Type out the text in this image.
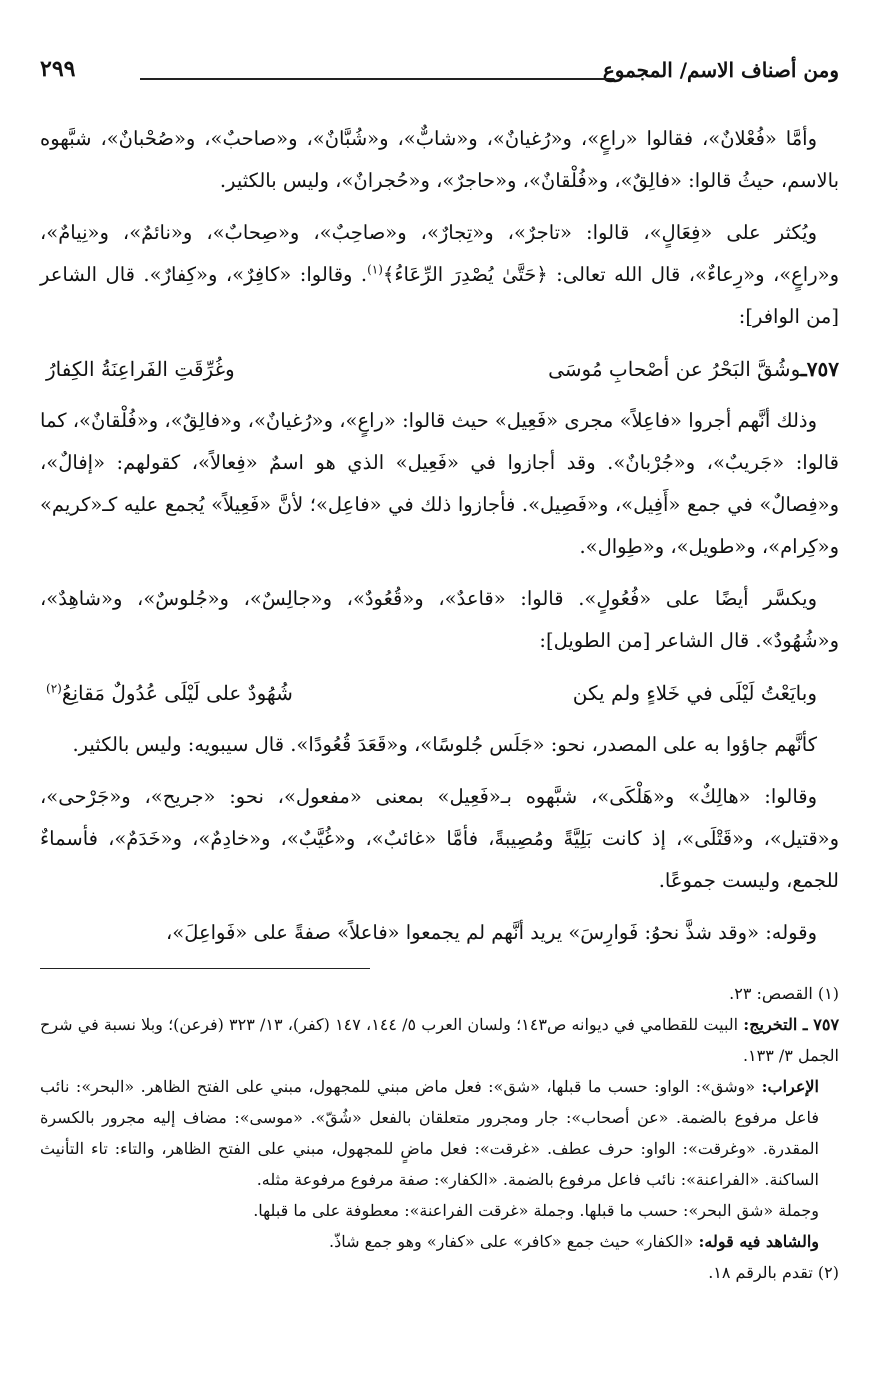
ومن أصناف الاسم/ المجموع
٢٩٩

وأمَّا «فُعْلانٌ»، فقالوا «راعٍ»، و«رُغيانٌ»، و«شابٌّ»، و«شُبَّانٌ»، و«صاحبٌ»، و«صُحْبانٌ»، شبَّهوه بالاسم، حيثُ قالوا: «فالِقٌ»، و«فُلْقانٌ»، و«حاجرٌ»، و«حُجرانٌ»، وليس بالكثير.

ويُكثر على «فِعَالٍ»، قالوا: «تاجرٌ»، و«تِجارٌ»، و«صاحِبٌ»، و«صِحابٌ»، و«نائمٌ»، و«نِيامٌ»، و«راعٍ»، و«رِعاءٌ»، قال الله تعالى: ﴿حَتَّىٰ يُصْدِرَ الرِّعَاءُ﴾$^{(١)}$. وقالوا: «كافِرٌ»، و«كِفارٌ». قال الشاعر [من الوافر]:

٧٥٧ـوشُقَّ البَحْرُ عن أصْحابِ مُوسَى
وغُرِّقَتِ الفَراعِنَةُ الكِفارُ

وذلك أنَّهم أجروا «فاعِلاً» مجرى «فَعِيل» حيث قالوا: «راعٍ»، و«رُغيانٌ»، و«فالِقٌ»، و«فُلْقانٌ»، كما قالوا: «جَريبٌ»، و«جُرْبانٌ». وقد أجازوا في «فَعِيل» الذي هو اسمٌ «فِعالاً»، كقولهم: «إفالٌ»، و«فِصالٌ» في جمع «أَفِيل»، و«فَصِيل». فأجازوا ذلك في «فاعِل»؛ لأنَّ «فَعِيلاً» يُجمع عليه كـ«كريم» و«كِرام»، و«طويل»، و«طِوال».

ويكسَّر أيضًا على «فُعُولٍ». قالوا: «قاعدٌ»، و«قُعُودٌ»، و«جالِسٌ»، و«جُلوسٌ»، و«شاهِدٌ»، و«شُهُودٌ». قال الشاعر [من الطويل]:

وبايَعْتُ لَيْلَى في خَلاءٍ ولم يكن
شُهُودٌ على لَيْلَى عُدُولٌ مَقانِعُ$^{(٢)}$

كأنَّهم جاؤوا به على المصدر، نحو: «جَلَس جُلوسًا»، و«قَعَدَ قُعُودًا». قال سيبويه: وليس بالكثير.

وقالوا: «هالِكٌ» و«هَلْكَى»، شبَّهوه بـ«فَعِيل» بمعنى «مفعول»، نحو: «جريح»، و«جَرْحى»، و«قتيل»، و«قَتْلَى»، إذ كانت بَلِيَّةً ومُصِيبةً، فأمَّا «غائبٌ»، و«غُيَّبٌ»، و«خادِمٌ»، و«خَدَمٌ»، فأسماءٌ للجمع، وليست جموعًا.

وقوله: «وقد شذَّ نحوُ: فَوارِسَ» يريد أنَّهم لم يجمعوا «فاعلاً» صفةً على «فَواعِلَ»،

(١) القصص: ٢٣.

٧٥٧ ـ التخريج: البيت للقطامي في ديوانه ص١٤٣؛ ولسان العرب ٥/ ١٤٤، ١٤٧ (كفر)، ١٣/ ٣٢٣ (فرعن)؛ وبلا نسبة في شرح الجمل ٣/ ١٣٣.

الإعراب: «وشق»: الواو: حسب ما قبلها، «شق»: فعل ماض مبني للمجهول، مبني على الفتح الظاهر. «البحر»: نائب فاعل مرفوع بالضمة. «عن أصحاب»: جار ومجرور متعلقان بالفعل «شُقّ». «موسى»: مضاف إليه مجرور بالكسرة المقدرة. «وغرقت»: الواو: حرف عطف. «غرقت»: فعل ماضٍ للمجهول، مبني على الفتح الظاهر، والتاء: تاء التأنيث الساكنة. «الفراعنة»: نائب فاعل مرفوع بالضمة. «الكفار»: صفة مرفوع مرفوعة مثله.

وجملة «شق البحر»: حسب ما قبلها. وجملة «غرقت الفراعنة»: معطوفة على ما قبلها.

والشاهد فيه قوله: «الكفار» حيث جمع «كافر» على «كفار» وهو جمع شاذّ.

(٢) تقدم بالرقم ١٨.
